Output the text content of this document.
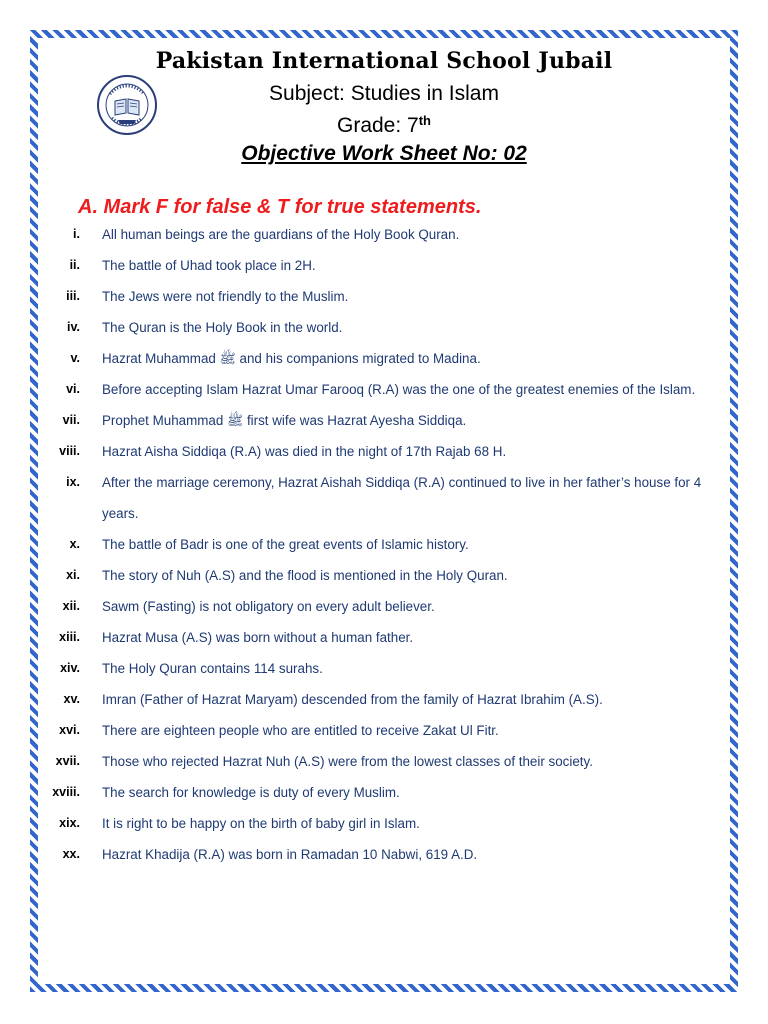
Pakistan International School Jubail
Subject: Studies in Islam
Grade: 7th
Objective Work Sheet No: 02
A. Mark F for false & T for true statements.
i. All human beings are the guardians of the Holy Book Quran.
ii. The battle of Uhad took place in 2H.
iii. The Jews were not friendly to the Muslim.
iv. The Quran is the Holy Book in the world.
v. Hazrat Muhammad ﷺ and his companions migrated to Madina.
vi. Before accepting Islam Hazrat Umar Farooq (R.A) was the one of the greatest enemies of the Islam.
vii. Prophet Muhammad ﷺ first wife was Hazrat Ayesha Siddiqa.
viii. Hazrat Aisha Siddiqa (R.A) was died in the night of 17th Rajab 68 H.
ix. After the marriage ceremony, Hazrat Aishah Siddiqa (R.A) continued to live in her father’s house for 4 years.
x. The battle of Badr is one of the great events of Islamic history.
xi. The story of Nuh (A.S) and the flood is mentioned in the Holy Quran.
xii. Sawm (Fasting) is not obligatory on every adult believer.
xiii. Hazrat Musa (A.S) was born without a human father.
xiv. The Holy Quran contains 114 surahs.
xv. Imran (Father of Hazrat Maryam) descended from the family of Hazrat Ibrahim (A.S).
xvi. There are eighteen people who are entitled to receive Zakat Ul Fitr.
xvii. Those who rejected Hazrat Nuh (A.S) were from the lowest classes of their society.
xviii. The search for knowledge is duty of every Muslim.
xix. It is right to be happy on the birth of baby girl in Islam.
xx. Hazrat Khadija (R.A) was born in Ramadan 10 Nabwi, 619 A.D.
